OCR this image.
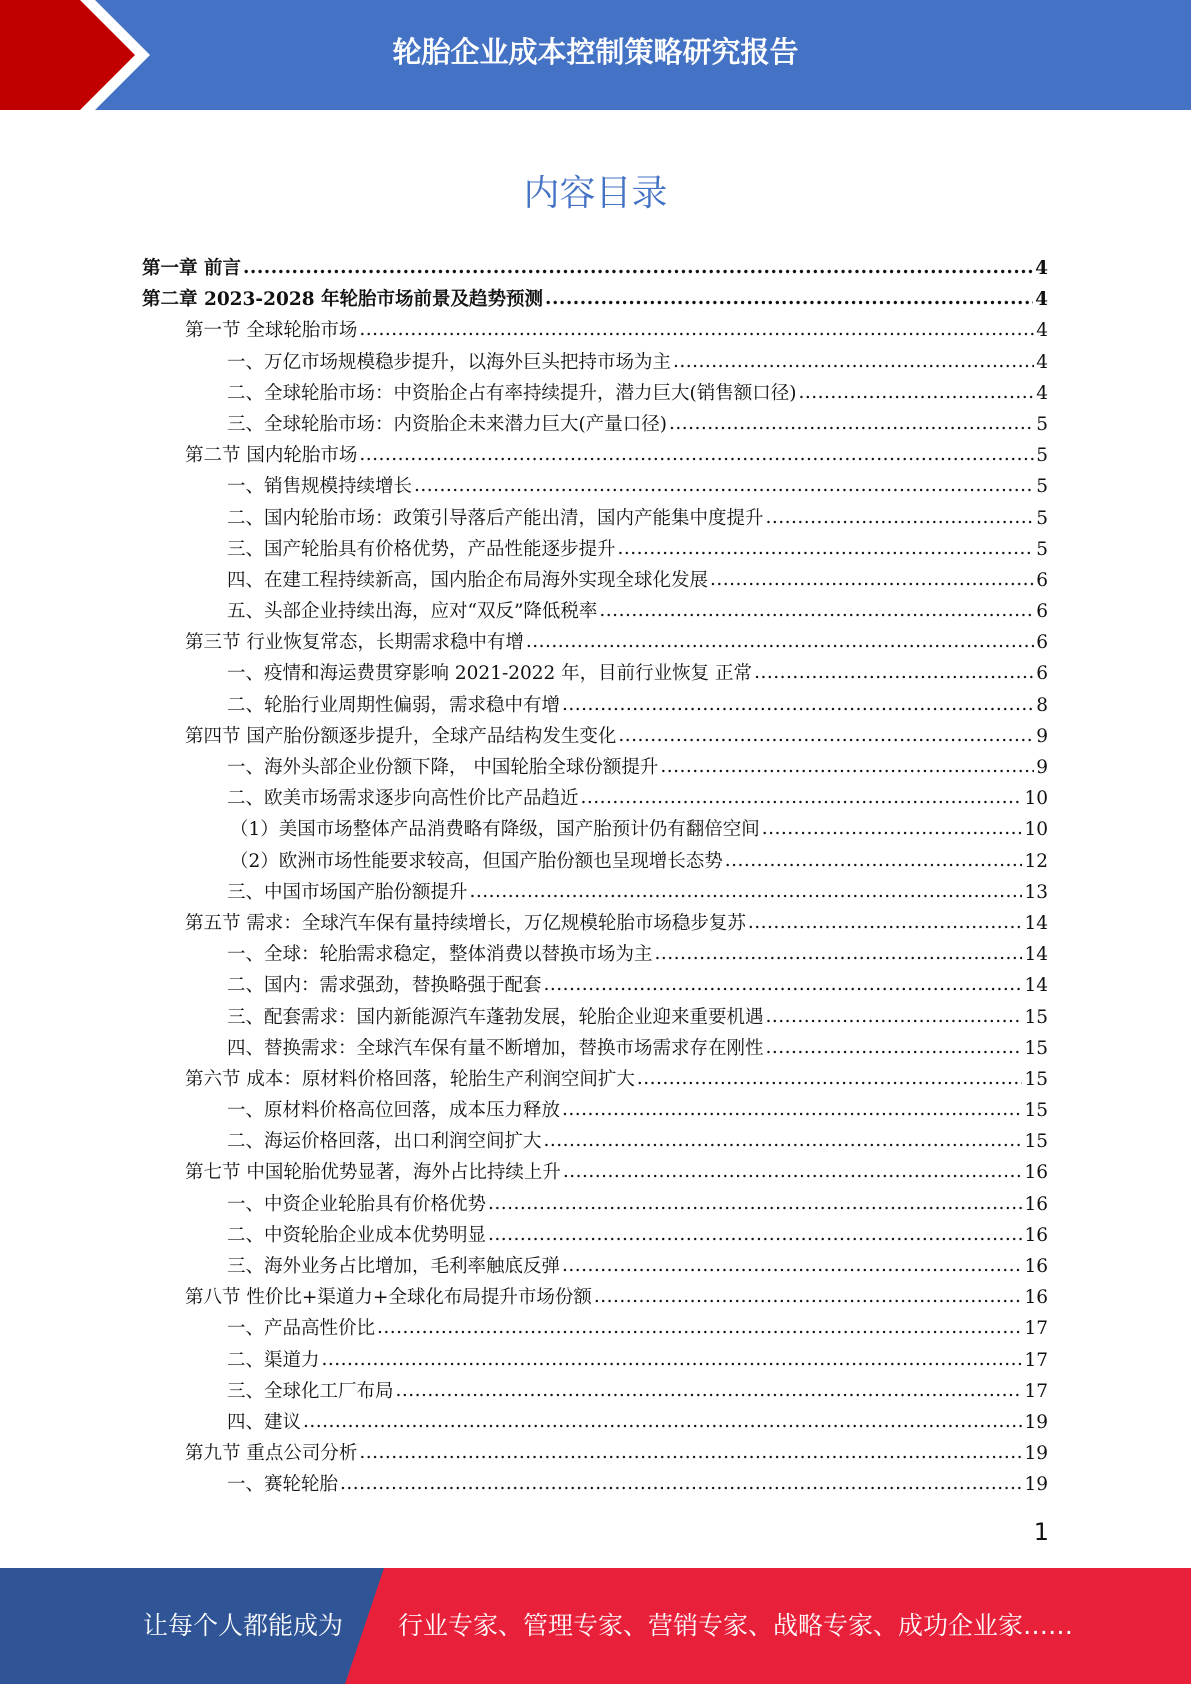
轮胎企业成本控制策略研究报告
内容目录
第一章 前言 .....	4
第二章 2023-2028 年轮胎市场前景及趋势预测 .....	4
第一节 全球轮胎市场 .....	4
一、万亿市场规模稳步提升，以海外巨头把持市场为主 .....	4
二、全球轮胎市场：中资胎企占有率持续提升，潜力巨大(销售额口径) .....	4
三、全球轮胎市场：内资胎企未来潜力巨大(产量口径) .....	5
第二节 国内轮胎市场 .....	5
一、销售规模持续增长 .....	5
二、国内轮胎市场：政策引导落后产能出清，国内产能集中度提升 .....	5
三、国产轮胎具有价格优势，产品性能逐步提升 .....	5
四、在建工程持续新高，国内胎企布局海外实现全球化发展 .....	6
五、头部企业持续出海，应对“双反”降低税率 .....	6
第三节 行业恢复常态，长期需求稳中有增 .....	6
一、疫情和海运费贯穿影响 2021-2022 年，目前行业恢复 正常 .....	6
二、轮胎行业周期性偏弱，需求稳中有增 .....	8
第四节 国产胎份额逐步提升，全球产品结构发生变化 .....	9
一、海外头部企业份额下降， 中国轮胎全球份额提升 .....	9
二、欧美市场需求逐步向高性价比产品趋近 .....	10
（1）美国市场整体产品消费略有降级，国产胎预计仍有翻倍空间 .....	10
（2）欧洲市场性能要求较高，但国产胎份额也呈现增长态势 .....	12
三、中国市场国产胎份额提升 .....	13
第五节 需求：全球汽车保有量持续增长，万亿规模轮胎市场稳步复苏 .....	14
一、全球：轮胎需求稳定，整体消费以替换市场为主 .....	14
二、国内：需求强劲，替换略强于配套 .....	14
三、配套需求：国内新能源汽车蓬勃发展，轮胎企业迎来重要机遇 .....	15
四、替换需求：全球汽车保有量不断增加，替换市场需求存在刚性 .....	15
第六节 成本：原材料价格回落，轮胎生产利润空间扩大 .....	15
一、原材料价格高位回落，成本压力释放 .....	15
二、海运价格回落，出口利润空间扩大 .....	15
第七节 中国轮胎优势显著，海外占比持续上升 .....	16
一、中资企业轮胎具有价格优势 .....	16
二、中资轮胎企业成本优势明显 .....	16
三、海外业务占比增加，毛利率触底反弹 .....	16
第八节 性价比+渠道力+全球化布局提升市场份额 .....	16
一、产品高性价比 .....	17
二、渠道力 .....	17
三、全球化工厂布局 .....	17
四、建议 .....	19
第九节 重点公司分析 .....	19
一、赛轮轮胎 .....	19
1
让每个人都能成为 行业专家、管理专家、营销专家、战略专家、成功企业家……
